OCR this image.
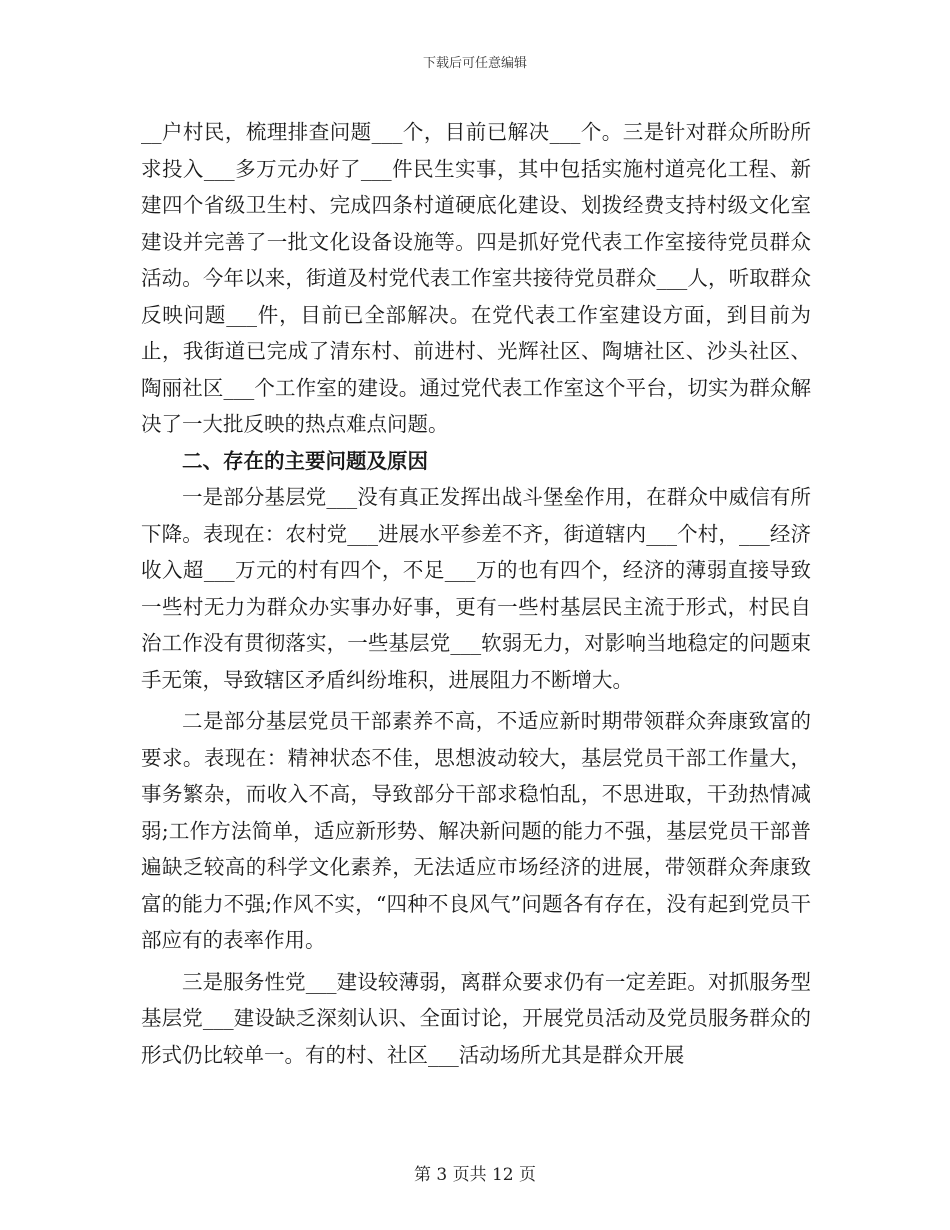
下载后可任意编辑

__户村民，梳理排查问题___个，目前已解决___个。三是针对群众所盼所求投入___多万元办好了___件民生实事，其中包括实施村道亮化工程、新建四个省级卫生村、完成四条村道硬底化建设、划拨经费支持村级文化室建设并完善了一批文化设备设施等。四是抓好党代表工作室接待党员群众活动。今年以来，街道及村党代表工作室共接待党员群众___人，听取群众反映问题___件，目前已全部解决。在党代表工作室建设方面，到目前为止，我街道已完成了清东村、前进村、光辉社区、陶塘社区、沙头社区、陶丽社区___个工作室的建设。通过党代表工作室这个平台，切实为群众解决了一大批反映的热点难点问题。

二、存在的主要问题及原因

一是部分基层党___没有真正发挥出战斗堡垒作用，在群众中威信有所下降。表现在：农村党___进展水平参差不齐，街道辖内___个村，___经济收入超___万元的村有四个，不足___万的也有四个，经济的薄弱直接导致一些村无力为群众办实事办好事，更有一些村基层民主流于形式，村民自治工作没有贯彻落实，一些基层党___软弱无力，对影响当地稳定的问题束手无策，导致辖区矛盾纠纷堆积，进展阻力不断增大。

二是部分基层党员干部素养不高，不适应新时期带领群众奔康致富的要求。表现在：精神状态不佳，思想波动较大，基层党员干部工作量大，事务繁杂，而收入不高，导致部分干部求稳怕乱，不思进取，干劲热情减弱;工作方法简单，适应新形势、解决新问题的能力不强，基层党员干部普遍缺乏较高的科学文化素养，无法适应市场经济的进展，带领群众奔康致富的能力不强;作风不实，“四种不良风气”问题各有存在，没有起到党员干部应有的表率作用。

三是服务性党___建设较薄弱，离群众要求仍有一定差距。对抓服务型基层党___建设缺乏深刻认识、全面讨论，开展党员活动及党员服务群众的形式仍比较单一。有的村、社区___活动场所尤其是群众开展

第 3 页共 12 页
